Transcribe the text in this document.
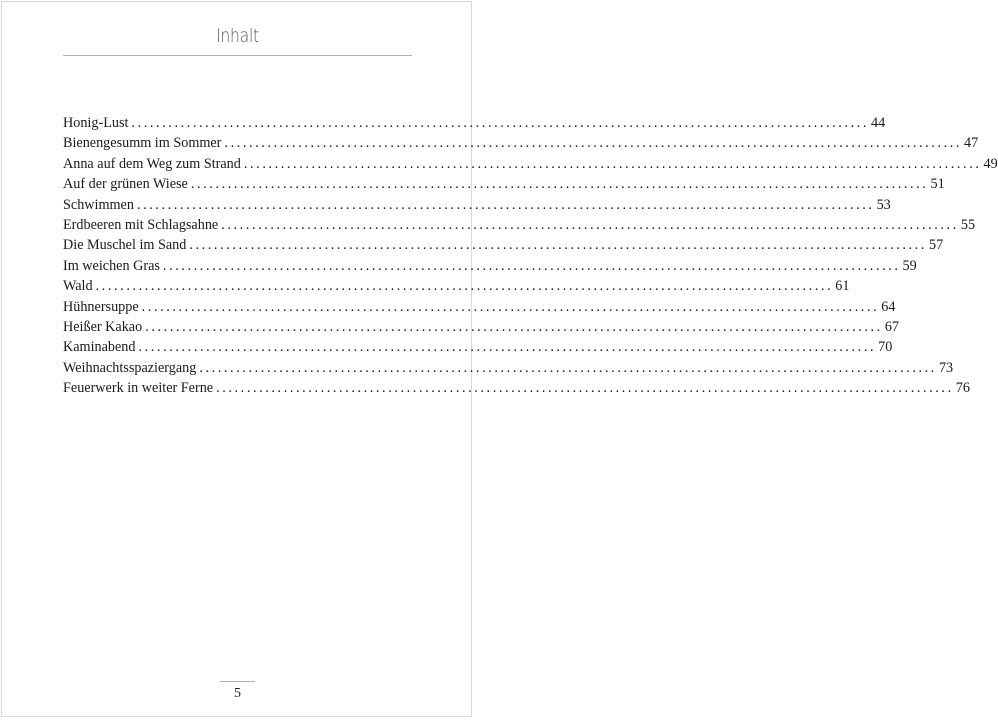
Inhalt
Honig-Lust ........................................................................................................................ 44
Bienengesumm im Sommer ........................................................................................................................ 47
Anna auf dem Weg zum Strand ........................................................................................................................ 49
Auf der grünen Wiese ........................................................................................................................ 51
Schwimmen ........................................................................................................................ 53
Erdbeeren mit Schlagsahne ........................................................................................................................ 55
Die Muschel im Sand ........................................................................................................................ 57
Im weichen Gras ........................................................................................................................ 59
Wald ........................................................................................................................ 61
Hühnersuppe ........................................................................................................................ 64
Heißer Kakao ........................................................................................................................ 67
Kaminabend ........................................................................................................................ 70
Weihnachtsspaziergang ........................................................................................................................ 73
Feuerwerk in weiter Ferne ........................................................................................................................ 76
5
